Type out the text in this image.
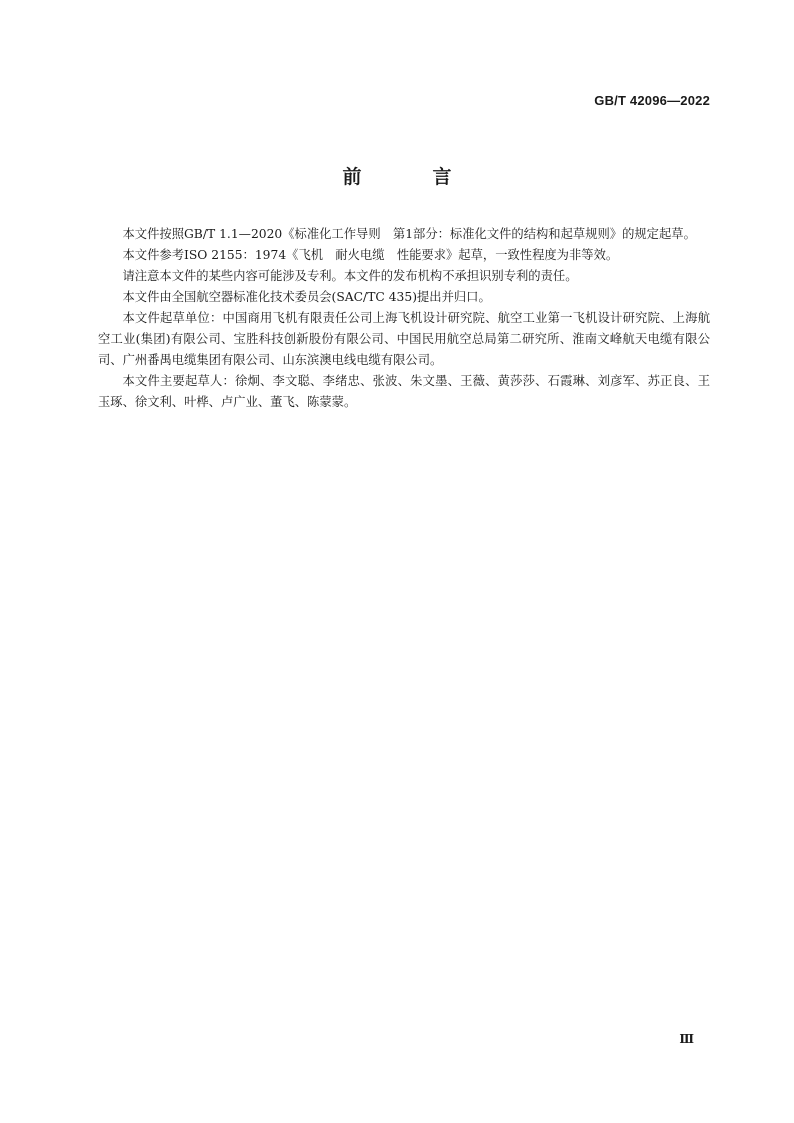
GB/T 42096—2022
前　言

本文件按照GB/T 1.1—2020《标准化工作导则　第1部分：标准化文件的结构和起草规则》的规定起草。

本文件参考ISO 2155：1974《飞机　耐火电缆　性能要求》起草，一致性程度为非等效。

请注意本文件的某些内容可能涉及专利。本文件的发布机构不承担识别专利的责任。

本文件由全国航空器标准化技术委员会(SAC/TC 435)提出并归口。

本文件起草单位：中国商用飞机有限责任公司上海飞机设计研究院、航空工业第一飞机设计研究院、上海航空工业(集团)有限公司、宝胜科技创新股份有限公司、中国民用航空总局第二研究所、淮南文峰航天电缆有限公司、广州番禺电缆集团有限公司、山东滨澳电线电缆有限公司。

本文件主要起草人：徐炯、李文聪、李绪忠、张波、朱文墨、王薇、黄莎莎、石霞琳、刘彦军、苏正良、王玉琢、徐文利、叶桦、卢广业、董飞、陈蒙蒙。

Ⅲ
